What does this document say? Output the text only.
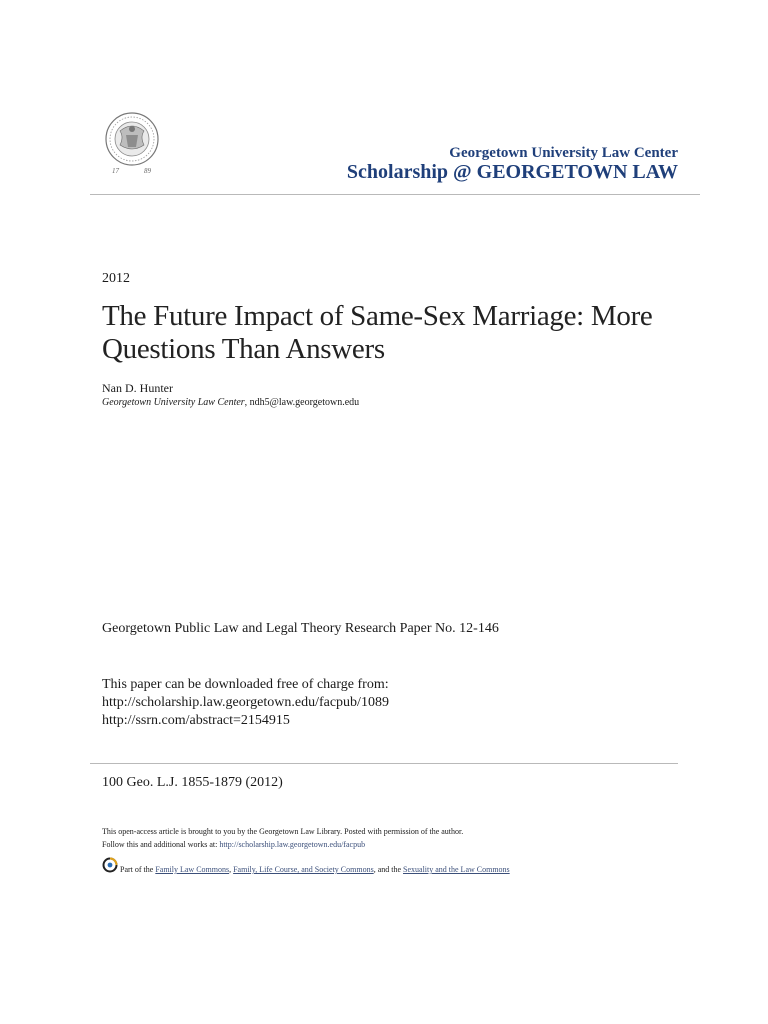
17	89
Georgetown University Law Center
Scholarship @ GEORGETOWN LAW
2012
The Future Impact of Same-Sex Marriage: More
Questions Than Answers
Nan D. Hunter
Georgetown University Law Center, ndh5@law.georgetown.edu
Georgetown Public Law and Legal Theory Research Paper No. 12-146
This paper can be downloaded free of charge from:
http://scholarship.law.georgetown.edu/facpub/1089
http://ssrn.com/abstract=2154915
100 Geo. L.J. 1855-1879 (2012)
This open-access article is brought to you by the Georgetown Law Library. Posted with permission of the author.
Follow this and additional works at: http://scholarship.law.georgetown.edu/facpub
Part of the Family Law Commons, Family, Life Course, and Society Commons, and the Sexuality and the Law Commons
